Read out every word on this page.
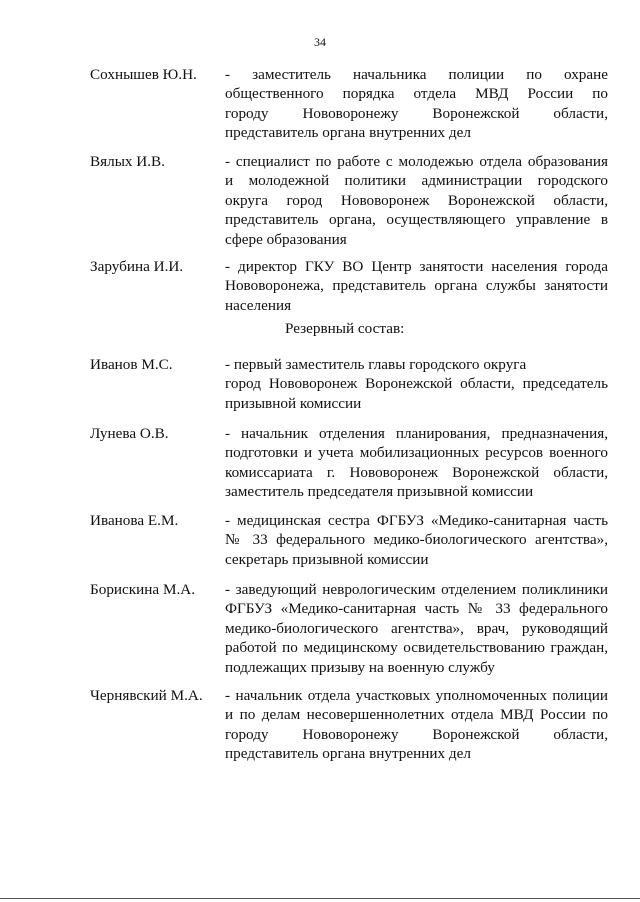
34
Сохнышев Ю.Н. - заместитель начальника полиции по охране
общественного порядка отдела МВД России по
городу Нововоронежу Воронежской области,
представитель органа внутренних дел
Вялых И.В.	- специалист по работе с молодежью отдела образования
и молодежной политики администрации городского
округа город Нововоронеж Воронежской области,
представитель органа, осуществляющего управление в
сфере образования
Зарубина И.И.	- директор ГКУ ВО Центр занятости населения города
Нововоронежа, представитель органа службы занятости
населения
Резервный состав:
Иванов М.С.	- первый заместитель главы городского округа
город Нововоронеж Воронежской области, председатель
призывной комиссии
Лунева О.В.	- начальник отделения планирования, предназначения,
подготовки и учета мобилизационных ресурсов военного
комиссариата г. Нововоронеж Воронежской области,
заместитель председателя призывной комиссии
Иванова Е.М.	- медицинская сестра ФГБУЗ «Медико-санитарная часть
№ 33 федерального медико-биологического агентства»,
секретарь призывной комиссии
Борискина М.А. - заведующий неврологическим отделением поликлиники
ФГБУЗ «Медико-санитарная часть № 33 федерального
медико-биологического агентства», врач, руководящий
работой по медицинскому освидетельствованию граждан,
подлежащих призыву на военную службу
Чернявский М.А. - начальник отдела участковых уполномоченных полиции
и по делам несовершеннолетних отдела МВД России по
городу Нововоронежу Воронежской области,
представитель органа внутренних дел
